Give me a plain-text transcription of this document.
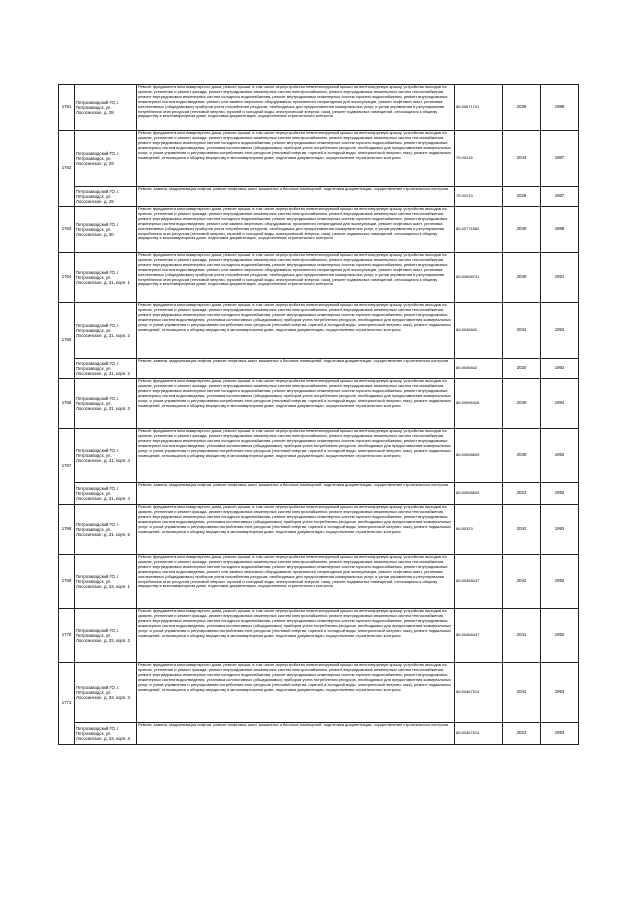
1751	Петрозаводский ГО, г. Петрозаводск, ул. Лососинское, д. 28	Ремонт фундамента многоквартирного дома, ремонт крыши, в том числе переустройство невентилируемой крыши на вентилируемую крышу, устройство выходов на кровлю, утепление и ремонт фасада, ремонт внутридомовых инженерных систем электроснабжения, ремонт внутридомовых инженерных систем теплоснабжения, ремонт внутридомовых инженерных систем холодного водоснабжения, ремонт внутридомовых инженерных систем горячего водоснабжения, ремонт внутридомовых инженерных систем водоотведения, ремонт или замена лифтового оборудования, признанного непригодным для эксплуатации, ремонт лифтовых шахт, установка коллективных (общедомовых) приборов учета потребления ресурсов, необходимых для предоставления коммунальных услуг, и узлов управления и регулирования потребления этих ресурсов (тепловой энергии, горячей и холодной воды, электрической энергии, газа), ремонт подвальных помещений, относящихся к общему имуществу в многоквартирном доме, подготовка документации, осуществление строительного контроля	86.50671741	2039	1989

1762	Петрозаводский ГО, г. Петрозаводск, ул. Лососинское, д. 29	Ремонт фундамента многоквартирного дома, ремонт крыши, в том числе переустройство невентилируемой крыши на вентилируемую крышу, устройство выходов на кровлю, утепление и ремонт фасада, ремонт внутридомовых инженерных систем электроснабжения, ремонт внутридомовых инженерных систем теплоснабжения, ремонт внутридомовых инженерных систем холодного водоснабжения, ремонт внутридомовых инженерных систем горячего водоснабжения, ремонт внутридомовых инженерных систем водоотведения, установка коллективных (общедомовых) приборов учета потребления ресурсов, необходимых для предоставления коммунальных услуг, и узлов управления и регулирования потребления этих ресурсов (тепловой энергии, горячей и холодной воды, электрической энергии, газа), ремонт подвальных помещений, относящихся к общему имуществу в многоквартирном доме, подготовка документации, осуществление строительного контроля	75.90216	2043	1987

	Петрозаводский ГО, г. Петрозаводск, ул. Лососинское, д. 29	Ремонт, замена, модернизация лифтов, ремонт лифтовых шахт, машинных и блочных помещений, подготовка документации, осуществление строительного контроля	75.90219	2029	1987

1763	Петрозаводский ГО, г. Петрозаводск, ул. Лососинское, д. 30	Ремонт фундамента многоквартирного дома, ремонт крыши, в том числе переустройство невентилируемой крыши на вентилируемую крышу, устройство выходов на кровлю, утепление и ремонт фасада, ремонт внутридомовых инженерных систем электроснабжения, ремонт внутридомовых инженерных систем теплоснабжения, ремонт внутридомовых инженерных систем холодного водоснабжения, ремонт внутридомовых инженерных систем горячего водоснабжения, ремонт внутридомовых инженерных систем водоотведения, ремонт или замена лифтового оборудования, признанного непригодным для эксплуатации, ремонт лифтовых шахт, установка коллективных (общедомовых) приборов учета потребления ресурсов, необходимых для предоставления коммунальных услуг, и узлов управления и регулирования потребления этих ресурсов (тепловой энергии, горячей и холодной воды, электрической энергии, газа), ремонт подвальных помещений, относящихся к общему имуществу в многоквартирном доме, подготовка документации, осуществление строительного контроля	86.40771882	2040	1989

1764	Петрозаводский ГО, г. Петрозаводск, ул. Лососинское, д. 31, корп. 1	Ремонт фундамента многоквартирного дома, ремонт крыши, в том числе переустройство невентилируемой крыши на вентилируемую крышу, устройство выходов на кровлю, утепление и ремонт фасада, ремонт внутридомовых инженерных систем электроснабжения, ремонт внутридомовых инженерных систем теплоснабжения, ремонт внутридомовых инженерных систем холодного водоснабжения, ремонт внутридомовых инженерных систем горячего водоснабжения, ремонт внутридомовых инженерных систем водоотведения, ремонт или замена лифтового оборудования, признанного непригодным для эксплуатации, ремонт лифтовых шахт, установка коллективных (общедомовых) приборов учета потребления ресурсов, необходимых для предоставления коммунальных услуг, и узлов управления и регулирования потребления этих ресурсов (тепловой энергии, горячей и холодной воды, электрической энергии, газа), ремонт подвальных помещений, относящихся к общему имуществу в многоквартирном доме, подготовка документации, осуществление строительного контроля	86.50698731	2040	1991

1765	Петрозаводский ГО, г. Петрозаводск, ул. Лососинское, д. 31, корп. 2	Ремонт фундамента многоквартирного дома, ремонт крыши, в том числе переустройство невентилируемой крыши на вентилируемую крышу, устройство выходов на кровлю, утепление и ремонт фасада, ремонт внутридомовых инженерных систем электроснабжения, ремонт внутридомовых инженерных систем теплоснабжения, ремонт внутридомовых инженерных систем холодного водоснабжения, ремонт внутридомовых инженерных систем горячего водоснабжения, ремонт внутридомовых инженерных систем водоотведения, установка коллективных (общедомовых) приборов учета потребления ресурсов, необходимых для предоставления коммунальных услуг, и узлов управления и регулирования потребления этих ресурсов (тепловой энергии, горячей и холодной воды, электрической энергии, газа), ремонт подвальных помещений, относящихся к общему имуществу в многоквартирном доме, подготовка документации, осуществление строительного контроля	86.5046842	2041	1992

	Петрозаводский ГО, г. Петрозаводск, ул. Лососинское, д. 31, корп. 2	Ремонт, замена, модернизация лифтов, ремонт лифтовых шахт, машинных и блочных помещений, подготовка документации, осуществление строительного контроля	86.5046842	2020	1992

1766	Петрозаводский ГО, г. Петрозаводск, ул. Лососинское, д. 31, корп. 3	Ремонт фундамента многоквартирного дома, ремонт крыши, в том числе переустройство невентилируемой крыши на вентилируемую крышу, устройство выходов на кровлю, утепление и ремонт фасада, ремонт внутридомовых инженерных систем электроснабжения, ремонт внутридомовых инженерных систем теплоснабжения, ремонт внутридомовых инженерных систем холодного водоснабжения, ремонт внутридомовых инженерных систем горячего водоснабжения, ремонт внутридомовых инженерных систем водоотведения, установка коллективных (общедомовых) приборов учета потребления ресурсов, необходимых для предоставления коммунальных услуг, и узлов управления и регулирования потребления этих ресурсов (тепловой энергии, горячей и холодной воды, электрической энергии, газа), ремонт подвальных помещений, относящихся к общему имуществу в многоквартирном доме, подготовка документации, осуществление строительного контроля	86.50996428	2040	1994

1767	Петрозаводский ГО, г. Петрозаводск, ул. Лососинское, д. 31, корп. 4	Ремонт фундамента многоквартирного дома, ремонт крыши, в том числе переустройство невентилируемой крыши на вентилируемую крышу, устройство выходов на кровлю, утепление и ремонт фасада, ремонт внутридомовых инженерных систем электроснабжения, ремонт внутридомовых инженерных систем теплоснабжения, ремонт внутридомовых инженерных систем холодного водоснабжения, ремонт внутридомовых инженерных систем горячего водоснабжения, ремонт внутридомовых инженерных систем водоотведения, установка коллективных (общедомовых) приборов учета потребления ресурсов, необходимых для предоставления коммунальных услуг, и узлов управления и регулирования потребления этих ресурсов (тепловой энергии, горячей и холодной воды, электрической энергии, газа), ремонт подвальных помещений, относящихся к общему имуществу в многоквартирном доме, подготовка документации, осуществление строительного контроля	86.50598605	2040	1992

	Петрозаводский ГО, г. Петрозаводск, ул. Лососинское, д. 31, корп. 4	Ремонт, замена, модернизация лифтов, ремонт лифтовых шахт, машинных и блочных помещений, подготовка документации, осуществление строительного контроля	86.50598605	2023	1992

1768	Петрозаводский ГО, г. Петрозаводск, ул. Лососинское, д. 31, корп. 5	Ремонт фундамента многоквартирного дома, ремонт крыши, в том числе переустройство невентилируемой крыши на вентилируемую крышу, устройство выходов на кровлю, утепление и ремонт фасада, ремонт внутридомовых инженерных систем электроснабжения, ремонт внутридомовых инженерных систем теплоснабжения, ремонт внутридомовых инженерных систем холодного водоснабжения, ремонт внутридомовых инженерных систем горячего водоснабжения, ремонт внутридомовых инженерных систем водоотведения, установка коллективных (общедомовых) приборов учета потребления ресурсов, необходимых для предоставления коммунальных услуг, и узлов управления и регулирования потребления этих ресурсов (тепловой энергии, горячей и холодной воды, электрической энергии, газа), ремонт подвальных помещений, относящихся к общему имуществу в многоквартирном доме, подготовка документации, осуществление строительного контроля	86.80323	2042	1993

1769	Петрозаводский ГО, г. Петрозаводск, ул. Лососинское, д. 33, корп. 1	Ремонт фундамента многоквартирного дома, ремонт крыши, в том числе переустройство невентилируемой крыши на вентилируемую крышу, устройство выходов на кровлю, утепление и ремонт фасада, ремонт внутридомовых инженерных систем электроснабжения, ремонт внутридомовых инженерных систем теплоснабжения, ремонт внутридомовых инженерных систем холодного водоснабжения, ремонт внутридомовых инженерных систем горячего водоснабжения, ремонт внутридомовых инженерных систем водоотведения, ремонт или замена лифтового оборудования, признанного непригодным для эксплуатации, ремонт лифтовых шахт, установка коллективных (общедомовых) приборов учета потребления ресурсов, необходимых для предоставления коммунальных услуг, и узлов управления и регулирования потребления этих ресурсов (тепловой энергии, горячей и холодной воды, электрической энергии, газа), ремонт подвальных помещений, относящихся к общему имуществу в многоквартирном доме, подготовка документации, осуществление строительного контроля	86.50358437	2042	1992

1770	Петрозаводский ГО, г. Петрозаводск, ул. Лососинское, д. 33, корп. 2	Ремонт фундамента многоквартирного дома, ремонт крыши, в том числе переустройство невентилируемой крыши на вентилируемую крышу, устройство выходов на кровлю, утепление и ремонт фасада, ремонт внутридомовых инженерных систем электроснабжения, ремонт внутридомовых инженерных систем теплоснабжения, ремонт внутридомовых инженерных систем холодного водоснабжения, ремонт внутридомовых инженерных систем горячего водоснабжения, ремонт внутридомовых инженерных систем водоотведения, установка коллективных (общедомовых) приборов учета потребления ресурсов, необходимых для предоставления коммунальных услуг, и узлов управления и регулирования потребления этих ресурсов (тепловой энергии, горячей и холодной воды, электрической энергии, газа), ремонт подвальных помещений, относящихся к общему имуществу в многоквартирном доме, подготовка документации, осуществление строительного контроля	86.50468437	2041	1992

1771	Петрозаводский ГО, г. Петрозаводск, ул. Лососинское, д. 33, корп. 3	Ремонт фундамента многоквартирного дома, ремонт крыши, в том числе переустройство невентилируемой крыши на вентилируемую крышу, устройство выходов на кровлю, утепление и ремонт фасада, ремонт внутридомовых инженерных систем электроснабжения, ремонт внутридомовых инженерных систем теплоснабжения, ремонт внутридомовых инженерных систем холодного водоснабжения, ремонт внутридомовых инженерных систем горячего водоснабжения, ремонт внутридомовых инженерных систем водоотведения, установка коллективных (общедомовых) приборов учета потребления ресурсов, необходимых для предоставления коммунальных услуг, и узлов управления и регулирования потребления этих ресурсов (тепловой энергии, горячей и холодной воды, электрической энергии, газа), ремонт подвальных помещений, относящихся к общему имуществу в многоквартирном доме, подготовка документации, осуществление строительного контроля	86.50467514	2041	1993

	Петрозаводский ГО, г. Петрозаводск, ул. Лососинское, д. 33, корп. 3	Ремонт, замена, модернизация лифтов, ремонт лифтовых шахт, машинных и блочных помещений, подготовка документации, осуществление строительного контроля	86.50467514	2023	1993
